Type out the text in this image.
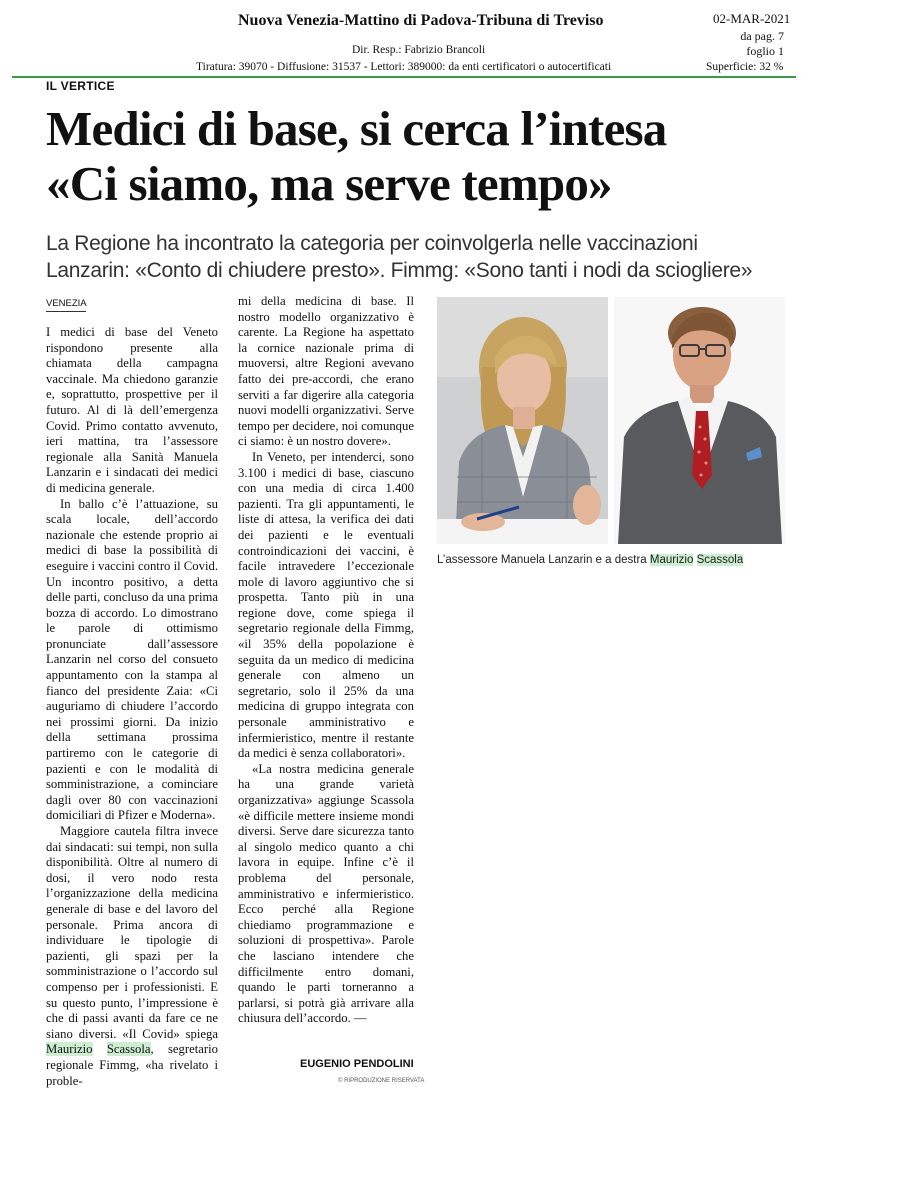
Nuova Venezia-Mattino di Padova-Tribuna di Treviso	02-MAR-2021
da pag. 7
foglio 1
Dir. Resp.: Fabrizio Brancoli
Tiratura: 39070 - Diffusione: 31537 - Lettori: 389000: da enti certificatori o autocertificati	Superficie: 32 %
IL VERTICE
Medici di base, si cerca l’intesa
«Ci siamo, ma serve tempo»
La Regione ha incontrato la categoria per coinvolgerla nelle vaccinazioni
Lanzarin: «Conto di chiudere presto». Fimmg: «Sono tanti i nodi da sciogliere»
VENEZIA

I medici di base del Veneto rispondono presente alla chiamata della campagna vaccinale. Ma chiedono garanzie e, soprattutto, prospettive per il futuro. Al di là dell’emergenza Covid. Primo contatto avvenuto, ieri mattina, tra l’assessore regionale alla Sanità Manuela Lanzarin e i sindacati dei medici di medicina generale.

In ballo c’è l’attuazione, su scala locale, dell’accordo nazionale che estende proprio ai medici di base la possibilità di eseguire i vaccini contro il Covid. Un incontro positivo, a detta delle parti, concluso da una prima bozza di accordo. Lo dimostrano le parole di ottimismo pronunciate dall’assessore Lanzarin nel corso del consueto appuntamento con la stampa al fianco del presidente Zaia: «Ci auguriamo di chiudere l’accordo nei prossimi giorni. Da inizio della settimana prossima partiremo con le categorie di pazienti e con le modalità di somministrazione, a cominciare dagli over 80 con vaccinazioni domiciliari di Pfizer e Moderna».

Maggiore cautela filtra invece dai sindacati: sui tempi, non sulla disponibilità. Oltre al numero di dosi, il vero nodo resta l’organizzazione della medicina generale di base e del lavoro del personale. Prima ancora di individuare le tipologie di pazienti, gli spazi per la somministrazione o l’accordo sul compenso per i professionisti. E su questo punto, l’impressione è che di passi avanti da fare ce ne siano diversi. «Il Covid» spiega Maurizio Scassola, segretario regionale Fimmg, «ha rivelato i proble-

mi della medicina di base. Il nostro modello organizzativo è carente. La Regione ha aspettato la cornice nazionale prima di muoversi, altre Regioni avevano fatto dei pre-accordi, che erano serviti a far digerire alla categoria nuovi modelli organizzativi. Serve tempo per decidere, noi comunque ci siamo: è un nostro dovere».

In Veneto, per intenderci, sono 3.100 i medici di base, ciascuno con una media di circa 1.400 pazienti. Tra gli appuntamenti, le liste di attesa, la verifica dei dati dei pazienti e le eventuali controindicazioni dei vaccini, è facile intravedere l’eccezionale mole di lavoro aggiuntivo che si prospetta. Tanto più in una regione dove, come spiega il segretario regionale della Fimmg, «il 35% della popolazione è seguita da un medico di medicina generale con almeno un segretario, solo il 25% da una medicina di gruppo integrata con personale amministrativo e infermieristico, mentre il restante da medici è senza collaboratori».

«La nostra medicina generale ha una grande varietà organizzativa» aggiunge Scassola «è difficile mettere insieme mondi diversi. Serve dare sicurezza tanto al singolo medico quanto a chi lavora in equipe. Infine c’è il problema del personale, amministrativo e infermieristico. Ecco perché alla Regione chiediamo programmazione e soluzioni di prospettiva». Parole che lasciano intendere che difficilmente entro domani, quando le parti torneranno a parlarsi, si potrà già arrivare alla chiusura dell’accordo. —

EUGENIO PENDOLINI
© RIPRODUZIONE RISERVATA
L’assessore Manuela Lanzarin e a destra Maurizio Scassola
